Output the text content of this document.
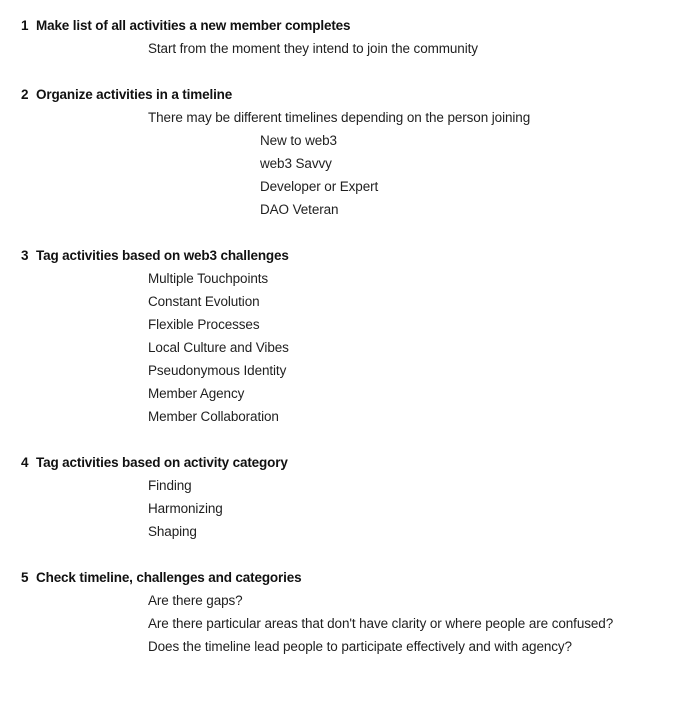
1 Make list of all activities a new member completes
Start from the moment they intend to join the community
2 Organize activities in a timeline
There may be different timelines depending on the person joining
New to web3
web3 Savvy
Developer or Expert
DAO Veteran
3 Tag activities based on web3 challenges
Multiple Touchpoints
Constant Evolution
Flexible Processes
Local Culture and Vibes
Pseudonymous Identity
Member Agency
Member Collaboration
4 Tag activities based on activity category
Finding
Harmonizing
Shaping
5 Check timeline, challenges and categories
Are there gaps?
Are there particular areas that don't have clarity or where people are confused?
Does the timeline lead people to participate effectively and with agency?
